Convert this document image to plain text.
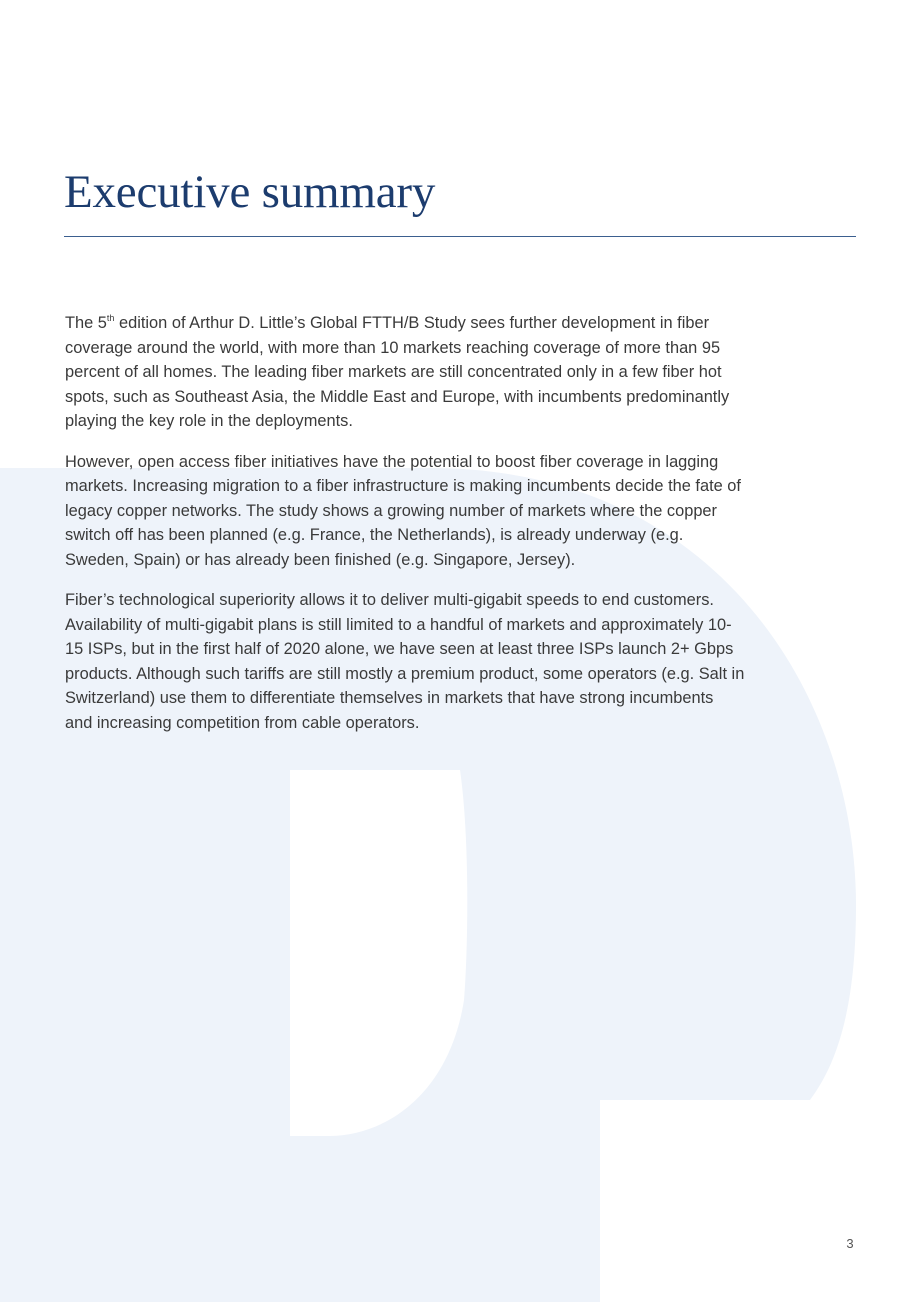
Executive summary

The 5th edition of Arthur D. Little’s Global FTTH/B Study sees further development in fiber coverage around the world, with more than 10 markets reaching coverage of more than 95 percent of all homes. The leading fiber markets are still concentrated only in a few fiber hot spots, such as Southeast Asia, the Middle East and Europe, with incumbents predominantly playing the key role in the deployments.

However, open access fiber initiatives have the potential to boost fiber coverage in lagging markets. Increasing migration to a fiber infrastructure is making incumbents decide the fate of legacy copper networks. The study shows a growing number of markets where the copper switch off has been planned (e.g. France, the Netherlands), is already underway (e.g. Sweden, Spain) or has already been finished (e.g. Singapore, Jersey).

Fiber’s technological superiority allows it to deliver multi-gigabit speeds to end customers. Availability of multi-gigabit plans is still limited to a handful of markets and approximately 10-15 ISPs, but in the first half of 2020 alone, we have seen at least three ISPs launch 2+ Gbps products. Although such tariffs are still mostly a premium product, some operators (e.g. Salt in Switzerland) use them to differentiate themselves in markets that have strong incumbents and increasing competition from cable operators.

3
